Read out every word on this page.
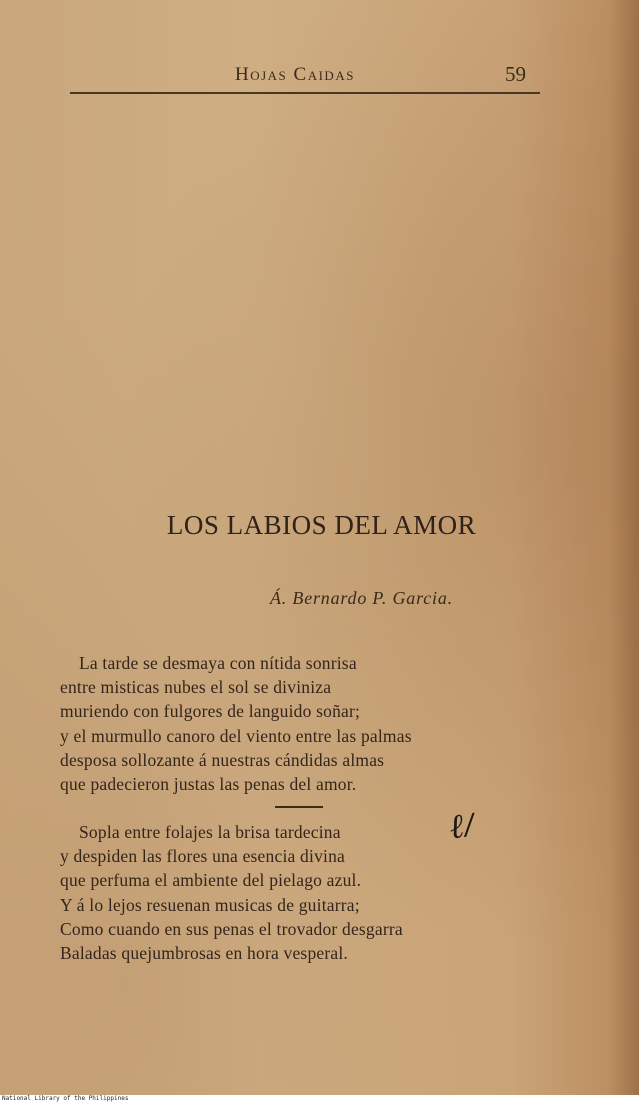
Hojas Caidas	59
LOS LABIOS DEL AMOR
Á. Bernardo P. Garcia.
La tarde se desmaya con nítida sonrisa
entre misticas nubes el sol se diviniza
muriendo con fulgores de languido soñar;
y el murmullo canoro del viento entre las palmas
desposa sollozante á nuestras cándidas almas
que padecieron justas las penas del amor.
Sopla entre folajes la brisa tardecina
y despiden las flores una esencia divina
que perfuma el ambiente del pielago azul.
Y á lo lejos resuenan musicas de guitarra;
Como cuando en sus penas el trovador desgarra
Baladas quejumbrosas en hora vesperal.
ℓ/
National Library of the Philippines
